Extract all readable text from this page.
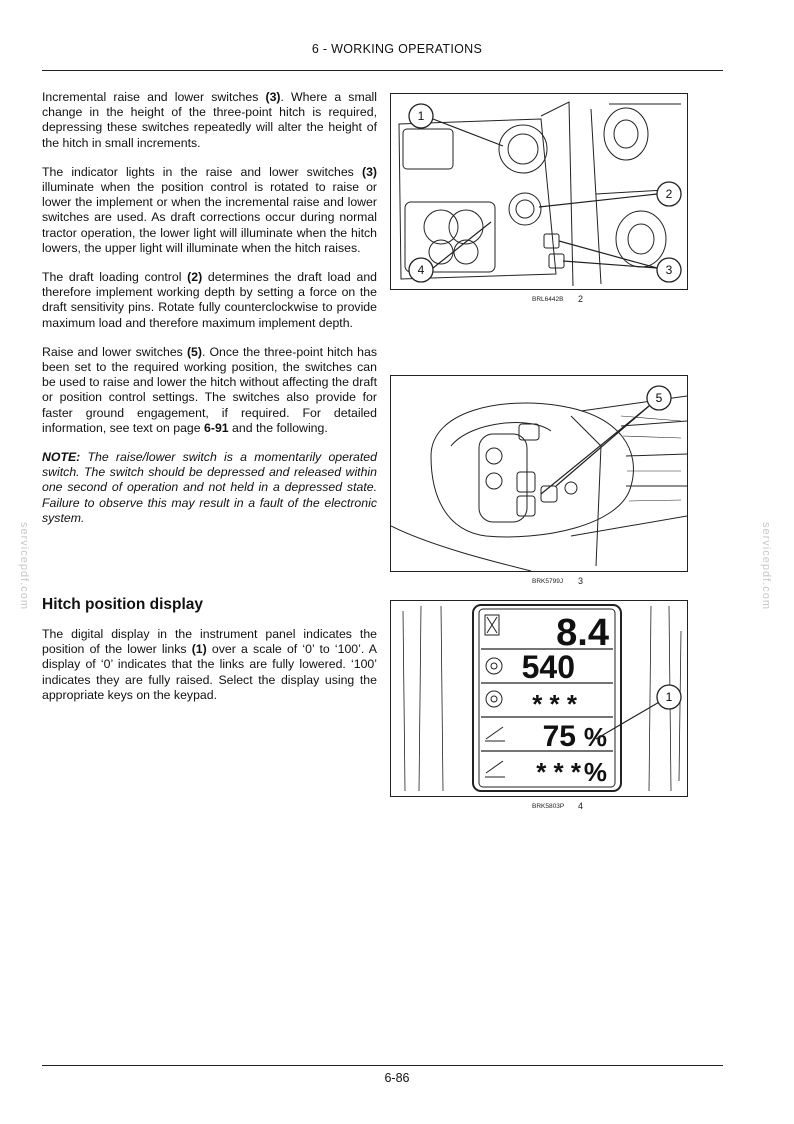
6 - WORKING OPERATIONS

Incremental raise and lower switches (3). Where a small change in the height of the three-point hitch is required, depressing these switches repeatedly will alter the height of the hitch in small increments.

The indicator lights in the raise and lower switches (3) illuminate when the position control is rotated to raise or lower the implement or when the incremental raise and lower switches are used. As draft corrections occur during normal tractor operation, the lower light will illuminate when the hitch lowers, the upper light will illuminate when the hitch raises.

The draft loading control (2) determines the draft load and therefore implement working depth by setting a force on the draft sensitivity pins. Rotate fully counterclockwise to provide maximum load and therefore maximum implement depth.

Raise and lower switches (5). Once the three-point hitch has been set to the required working position, the switches can be used to raise and lower the hitch without affecting the draft or position control settings. The switches also provide for faster ground engagement, if required. For detailed information, see text on page 6-91 and the following.

NOTE: The raise/lower switch is a momentarily operated switch. The switch should be depressed and released within one second of operation and not held in a depressed state. Failure to observe this may result in a fault of the electronic system.

Hitch position display

The digital display in the instrument panel indicates the position of the lower links (1) over a scale of ‘0’ to ‘100’. A display of ‘0’ indicates that the links are fully lowered. ‘100’ indicates they are fully raised. Select the display using the appropriate keys on the keypad.

1
2
3
4
BRL6442B 2
5
BRK5799J 3
8.4
540
* * *
75 %
* * * %
1
BRK5803P 4
servicepdf.com	servicepdf.com
6-86
